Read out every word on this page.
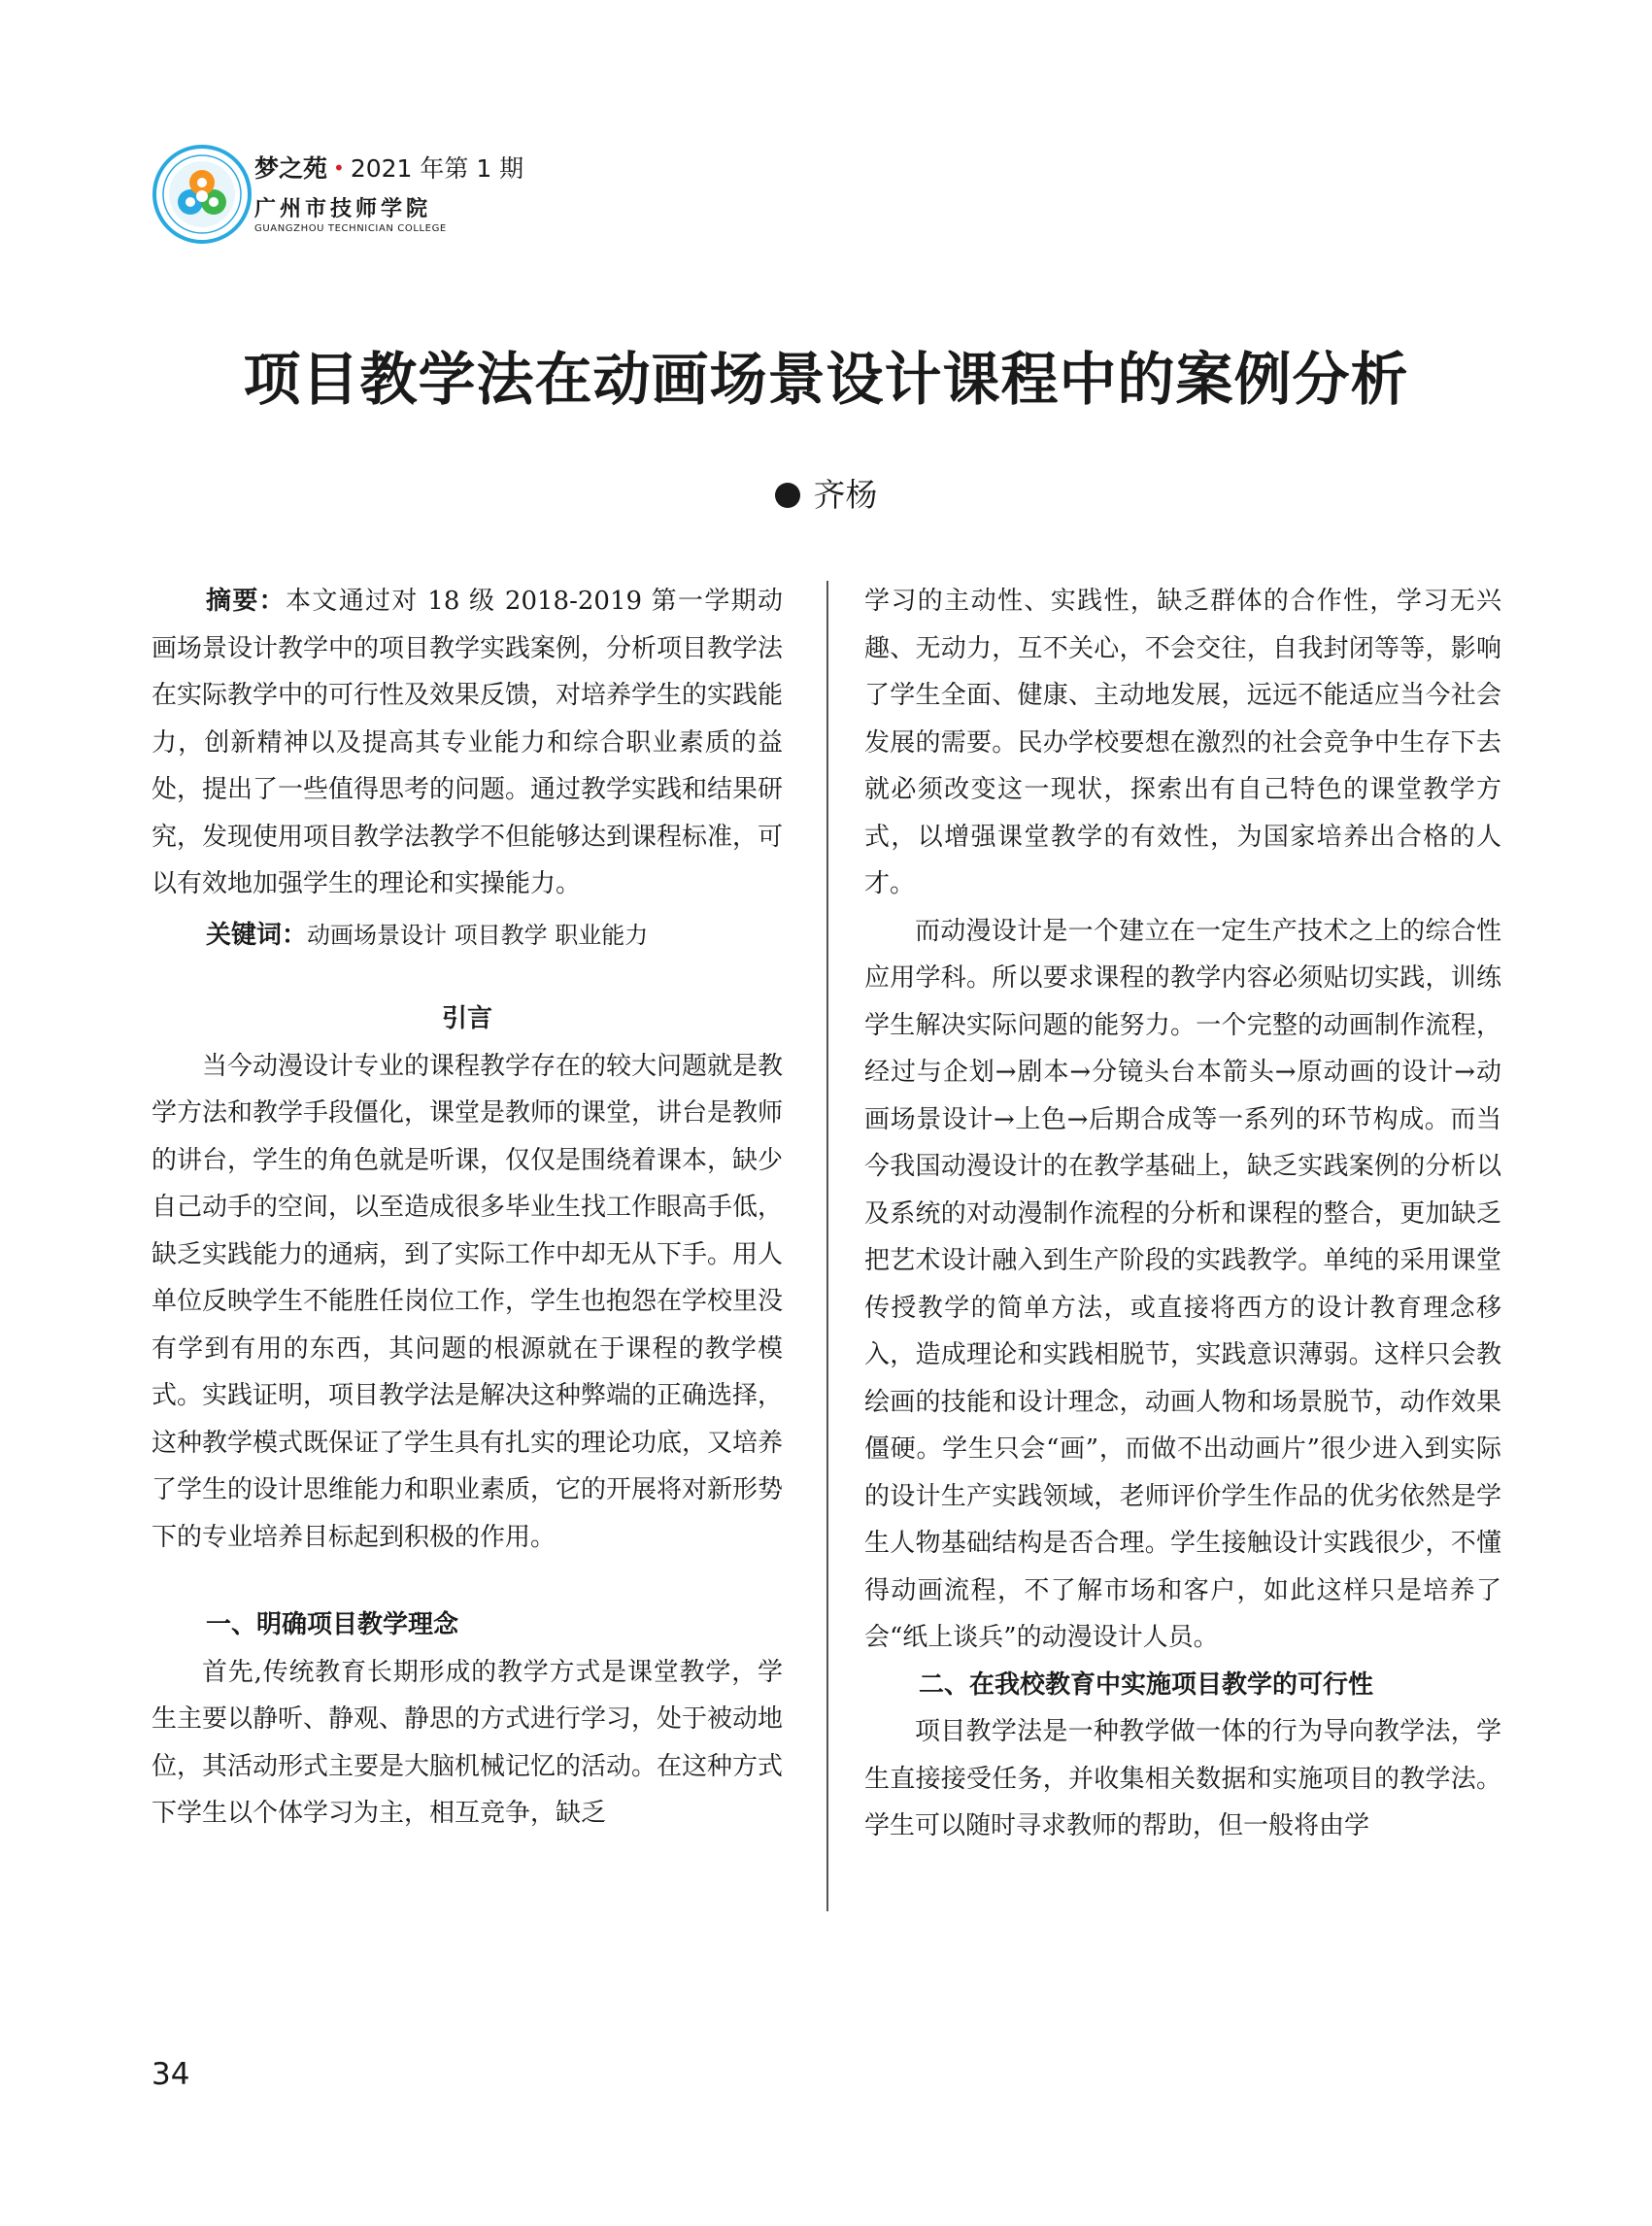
梦之苑 • 2021 年第 1 期
广州市技师学院
GUANGZHOU TECHNICIAN COLLEGE
项目教学法在动画场景设计课程中的案例分析
齐杨

摘要：本文通过对 18 级 2018-2019 第一学期动画场景设计教学中的项目教学实践案例，分析项目教学法在实际教学中的可行性及效果反馈，对培养学生的实践能力，创新精神以及提高其专业能力和综合职业素质的益处，提出了一些值得思考的问题。通过教学实践和结果研究，发现使用项目教学法教学不但能够达到课程标准，可以有效地加强学生的理论和实操能力。

关键词：动画场景设计 项目教学 职业能力

引言

当今动漫设计专业的课程教学存在的较大问题就是教学方法和教学手段僵化，课堂是教师的课堂，讲台是教师的讲台，学生的角色就是听课，仅仅是围绕着课本，缺少自己动手的空间，以至造成很多毕业生找工作眼高手低，缺乏实践能力的通病，到了实际工作中却无从下手。用人单位反映学生不能胜任岗位工作，学生也抱怨在学校里没有学到有用的东西，其问题的根源就在于课程的教学模式。实践证明，项目教学法是解决这种弊端的正确选择，这种教学模式既保证了学生具有扎实的理论功底，又培养了学生的设计思维能力和职业素质，它的开展将对新形势下的专业培养目标起到积极的作用。

一、明确项目教学理念

首先,传统教育长期形成的教学方式是课堂教学，学生主要以静听、静观、静思的方式进行学习，处于被动地位，其活动形式主要是大脑机械记忆的活动。在这种方式下学生以个体学习为主，相互竞争，缺乏

学习的主动性、实践性，缺乏群体的合作性，学习无兴趣、无动力，互不关心，不会交往，自我封闭等等，影响了学生全面、健康、主动地发展，远远不能适应当今社会发展的需要。民办学校要想在激烈的社会竞争中生存下去就必须改变这一现状，探索出有自己特色的课堂教学方式，以增强课堂教学的有效性，为国家培养出合格的人才。

而动漫设计是一个建立在一定生产技术之上的综合性应用学科。所以要求课程的教学内容必须贴切实践，训练学生解决实际问题的能努力。一个完整的动画制作流程，经过与企划→剧本→分镜头台本箭头→原动画的设计→动画场景设计→上色→后期合成等一系列的环节构成。而当今我国动漫设计的在教学基础上，缺乏实践案例的分析以及系统的对动漫制作流程的分析和课程的整合，更加缺乏把艺术设计融入到生产阶段的实践教学。单纯的采用课堂传授教学的简单方法，或直接将西方的设计教育理念移入，造成理论和实践相脱节，实践意识薄弱。这样只会教绘画的技能和设计理念，动画人物和场景脱节，动作效果僵硬。学生只会“画”，而做不出动画片”很少进入到实际的设计生产实践领域，老师评价学生作品的优劣依然是学生人物基础结构是否合理。学生接触设计实践很少，不懂得动画流程，不了解市场和客户，如此这样只是培养了会“纸上谈兵”的动漫设计人员。

二、在我校教育中实施项目教学的可行性

项目教学法是一种教学做一体的行为导向教学法，学生直接接受任务，并收集相关数据和实施项目的教学法。学生可以随时寻求教师的帮助，但一般将由学

34
